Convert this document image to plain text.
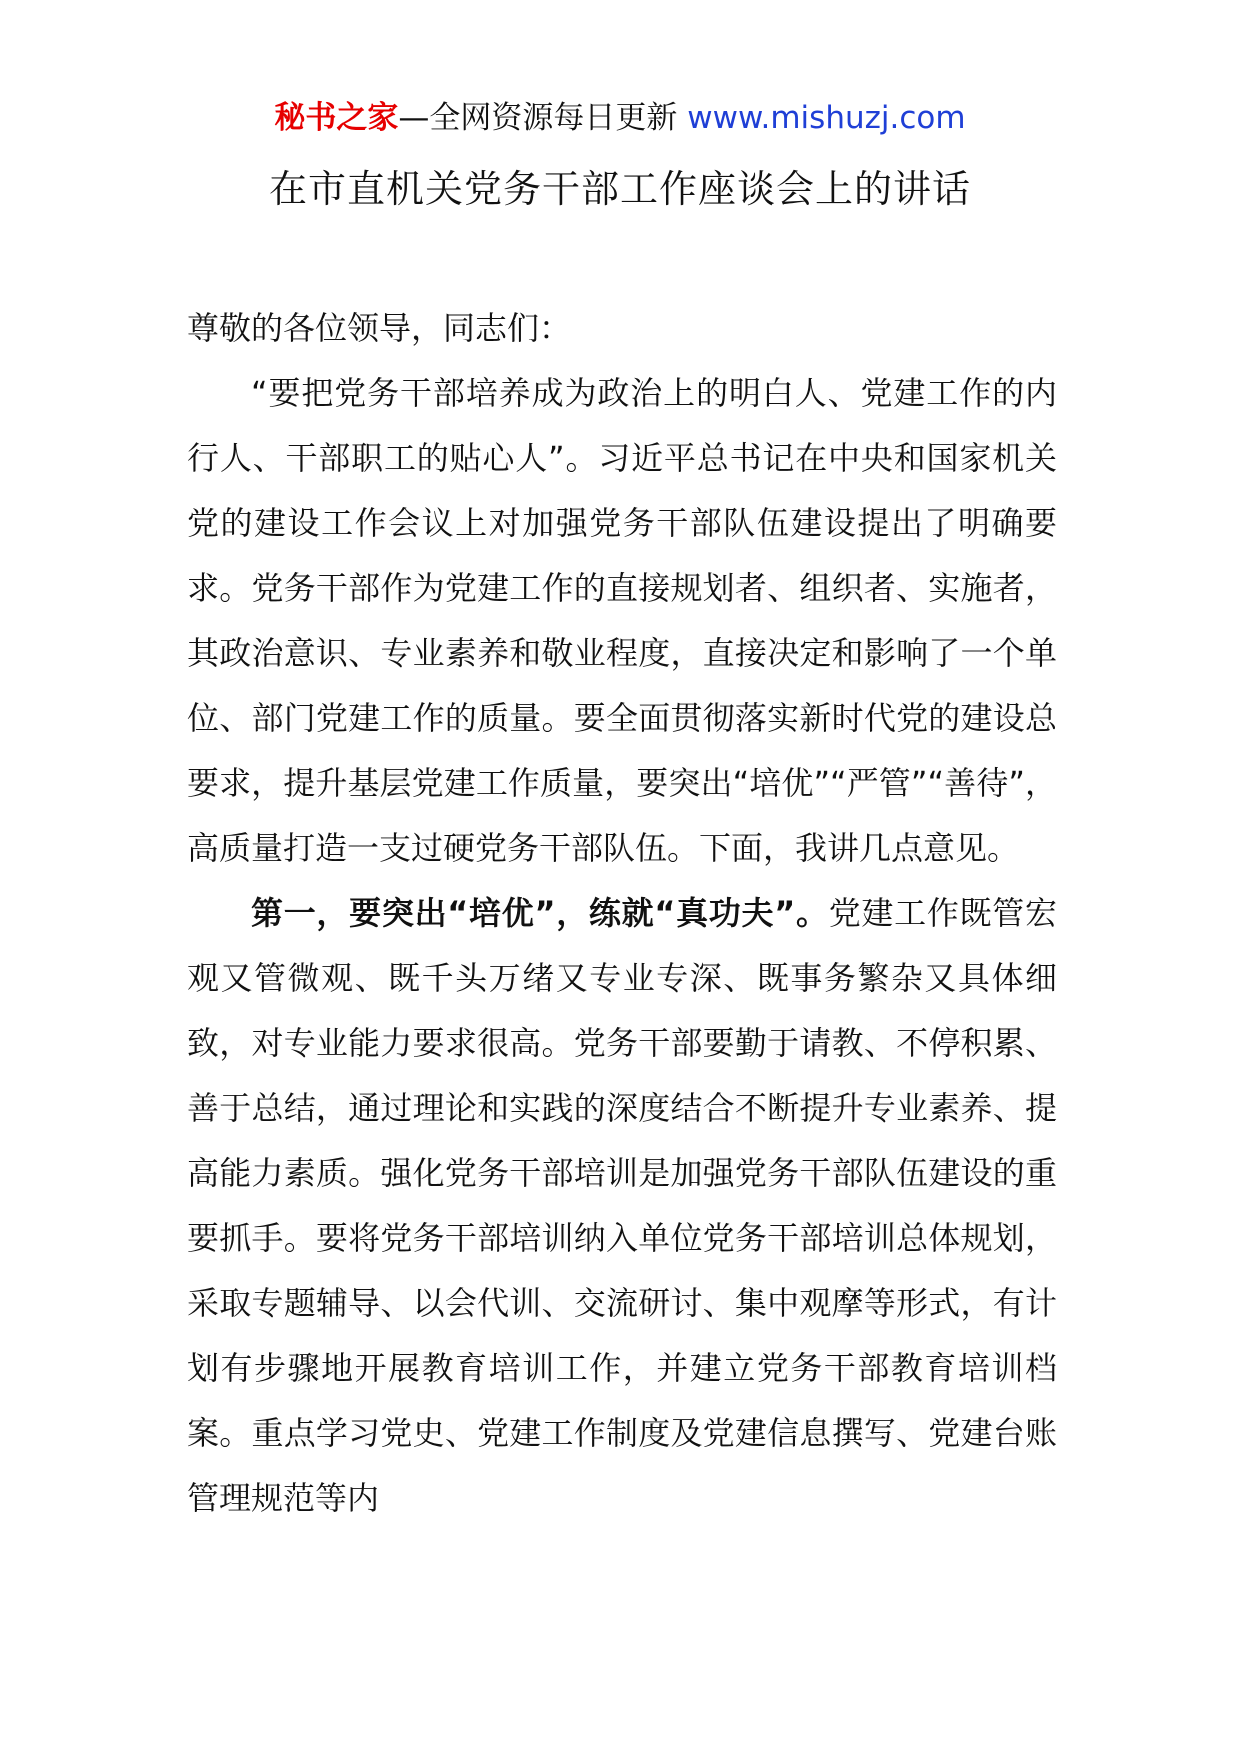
秘书之家—全网资源每日更新 www.mishuzj.com
在市直机关党务干部工作座谈会上的讲话

尊敬的各位领导，同志们：

“要把党务干部培养成为政治上的明白人、党建工作的内行人、干部职工的贴心人”。习近平总书记在中央和国家机关党的建设工作会议上对加强党务干部队伍建设提出了明确要求。党务干部作为党建工作的直接规划者、组织者、实施者，其政治意识、专业素养和敬业程度，直接决定和影响了一个单位、部门党建工作的质量。要全面贯彻落实新时代党的建设总要求，提升基层党建工作质量，要突出“培优”“严管”“善待”，高质量打造一支过硬党务干部队伍。下面，我讲几点意见。

第一，要突出“培优”，练就“真功夫”。党建工作既管宏观又管微观、既千头万绪又专业专深、既事务繁杂又具体细致，对专业能力要求很高。党务干部要勤于请教、不停积累、善于总结，通过理论和实践的深度结合不断提升专业素养、提高能力素质。强化党务干部培训是加强党务干部队伍建设的重要抓手。要将党务干部培训纳入单位党务干部培训总体规划，采取专题辅导、以会代训、交流研讨、集中观摩等形式，有计划有步骤地开展教育培训工作，并建立党务干部教育培训档案。重点学习党史、党建工作制度及党建信息撰写、党建台账管理规范等内
